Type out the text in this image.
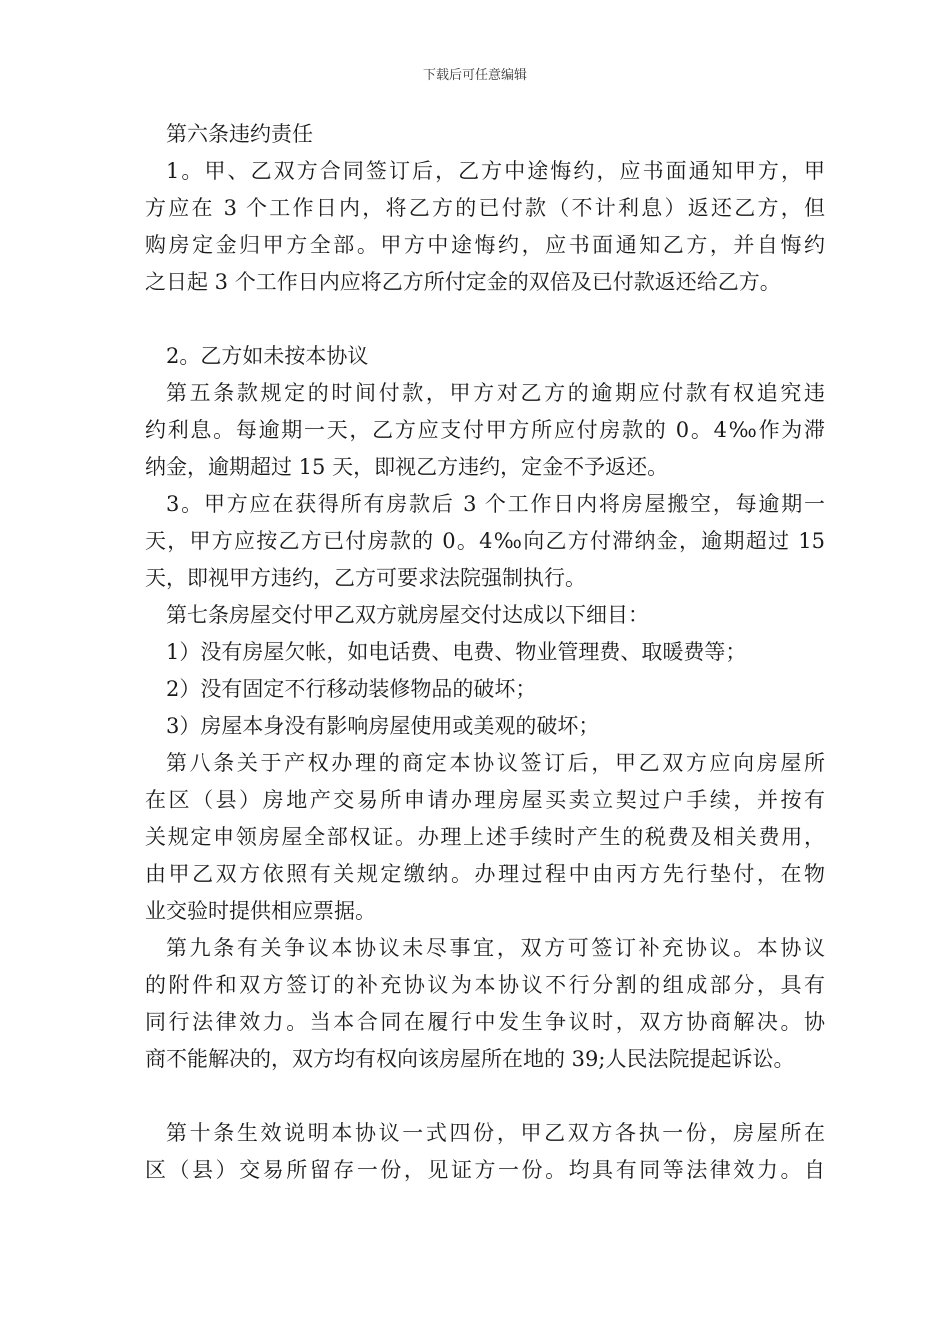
下载后可任意编辑
第六条违约责任
1。甲、乙双方合同签订后，乙方中途悔约，应书面通知甲方，甲
方应在 3 个工作日内，将乙方的已付款（不计利息）返还乙方，但
购房定金归甲方全部。甲方中途悔约，应书面通知乙方，并自悔约
之日起 3 个工作日内应将乙方所付定金的双倍及已付款返还给乙方。
2。乙方如未按本协议
第五条款规定的时间付款，甲方对乙方的逾期应付款有权追究违
约利息。每逾期一天，乙方应支付甲方所应付房款的 0。4‰作为滞
纳金，逾期超过 15 天，即视乙方违约，定金不予返还。
3。甲方应在获得所有房款后 3 个工作日内将房屋搬空，每逾期一
天，甲方应按乙方已付房款的 0。4‰向乙方付滞纳金，逾期超过 15
天，即视甲方违约，乙方可要求法院强制执行。
第七条房屋交付甲乙双方就房屋交付达成以下细目：
1）没有房屋欠帐，如电话费、电费、物业管理费、取暖费等；
2）没有固定不行移动装修物品的破坏；
3）房屋本身没有影响房屋使用或美观的破坏；
第八条关于产权办理的商定本协议签订后，甲乙双方应向房屋所
在区（县）房地产交易所申请办理房屋买卖立契过户手续，并按有
关规定申领房屋全部权证。办理上述手续时产生的税费及相关费用，
由甲乙双方依照有关规定缴纳。办理过程中由丙方先行垫付，在物
业交验时提供相应票据。
第九条有关争议本协议未尽事宜，双方可签订补充协议。本协议
的附件和双方签订的补充协议为本协议不行分割的组成部分，具有
同行法律效力。当本合同在履行中发生争议时，双方协商解决。协
商不能解决的，双方均有权向该房屋所在地的 39;人民法院提起诉讼。
第十条生效说明本协议一式四份，甲乙双方各执一份，房屋所在
区（县）交易所留存一份，见证方一份。均具有同等法律效力。自
